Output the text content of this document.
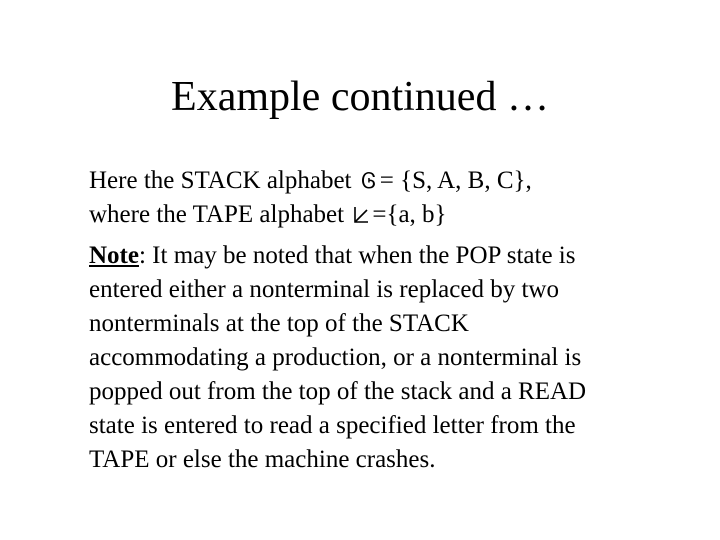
Example continued …
Here the STACK alphabet Ꮆ = {S, A, B, C},
where the TAPE alphabet ={a, b}
Note: It may be noted that when the POP state is
entered either a nonterminal is replaced by two
nonterminals at the top of the STACK
accommodating a production, or a nonterminal is
popped out from the top of the stack and a READ
state is entered to read a specified letter from the
TAPE or else the machine crashes.
